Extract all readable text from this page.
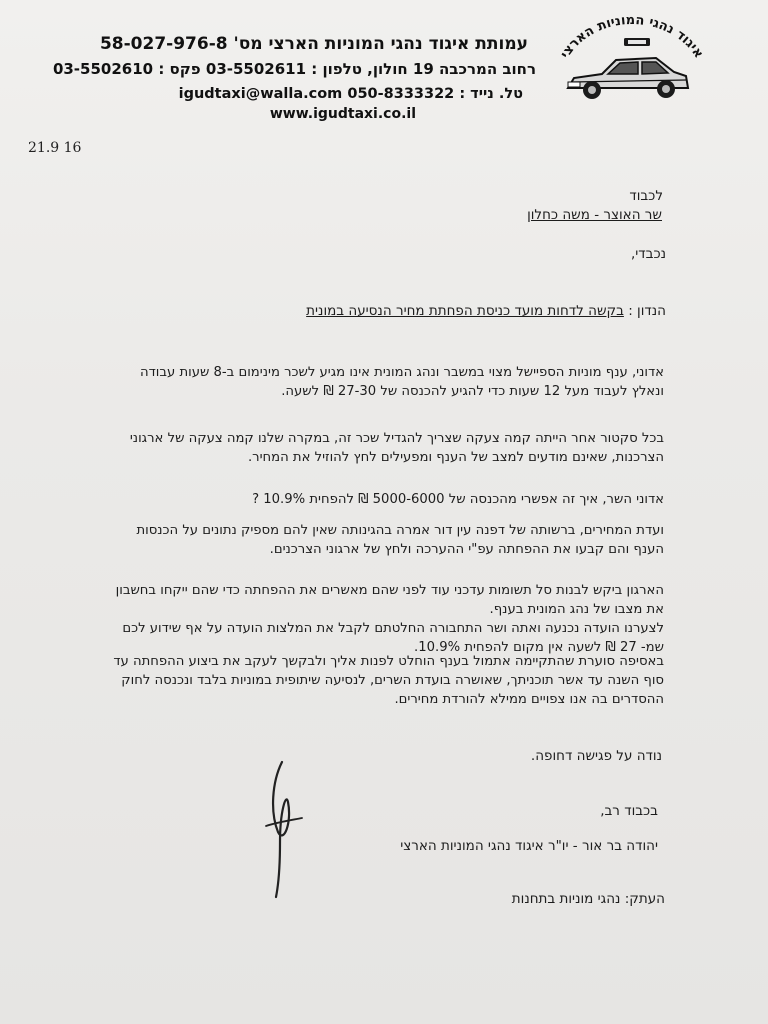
איגוד נהגי המוניות הארצי
עמותת איגוד נהגי המוניות הארצי מס' 58-027-976-8
רחוב המרכבה 19 חולון, טלפון : 03-5502611 פקס : 03-5502610
טל. נייד : 050-8333322 igudtaxi@walla.com
www.igudtaxi.co.il
21.9 16
לכבוד
שר האוצר - משה כחלון
נכבדי,
הנדון : בקשה לדחות מועד כניסת הפחתת מחיר הנסיעה במונית
אדוני, ענף מוניות הספיישל מצוי במשבר ונהג המונית אינו מגיע לשכר מינימום ב-8 שעות עבודה
ונאלץ לעבוד מעל 12 שעות כדי להגיע להכנסה של 27-30 ₪ לשעה.
בכל סקטור אחר הייתה קמה צעקה שצריך להגדיל שכר זה, במקרה שלנו קמה צעקה של ארגוני
הצרכנות, שאינם מודעים למצב של הענף ומפעילים לחץ להוזיל את המחיר.
אדוני השר, איך זה אפשרי מהכנסה של 5000-6000 ₪ להפחית 10.9% ?
ועדת המחירים, ברשותה של דפנה עין דור אמרה בהגינותה שאין להם מספיק נתונים על הכנסות
הענף והם קבעו את ההפחתה עפ"י ההערכה ולחץ של ארגוני הצרכנים.
הארגון ביקש לבנות סל תשומות עדכני עוד לפני שהם מאשרים את ההפחתה כדי שהם ייקחו בחשבון
את מצבו של נהג המונית בענף.
לצערנו הועדה נכנעה ואתה ושר התחבורה החלטתם לקבל את המלצות הועדה על אף שידוע לכם
שמ- 27 ₪ לשעה אין מקום להפחית 10.9%.
באסיפה סוערת שהתקיימה אתמול בענף הוחלט לפנות אליך ולבקשך לעקב את ביצוע ההפחתה עד
סוף השנה עד אשר תוכניתך, שאושרה בועדת השרים, לנסיעה שיתופית במוניות בלבד ונכנסה לחוק
ההסדרים בה אנו צפויים ממילא להורדת מחירים.
נודה על פגישה דחופה.
בכבוד רב,
יהודה בר אור - יו"ר איגוד נהגי המוניות הארצי
העתק: נהגי מוניות בתחנות
